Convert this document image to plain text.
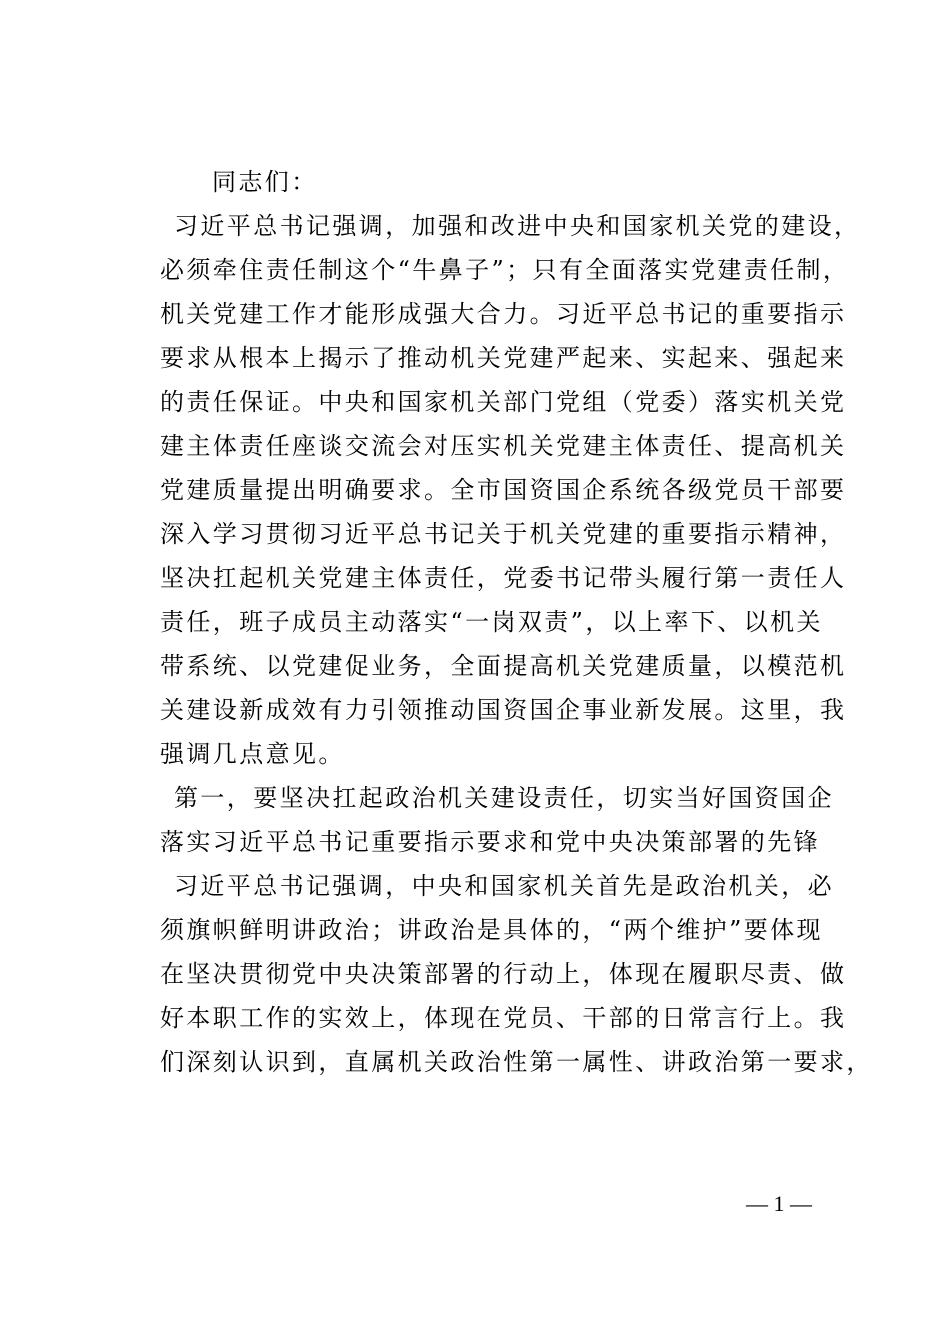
同志们：
习近平总书记强调，加强和改进中央和国家机关党的建设，
必须牵住责任制这个“牛鼻子”；只有全面落实党建责任制，
机关党建工作才能形成强大合力。习近平总书记的重要指示
要求从根本上揭示了推动机关党建严起来、实起来、强起来
的责任保证。中央和国家机关部门党组（党委）落实机关党
建主体责任座谈交流会对压实机关党建主体责任、提高机关
党建质量提出明确要求。全市国资国企系统各级党员干部要
深入学习贯彻习近平总书记关于机关党建的重要指示精神，
坚决扛起机关党建主体责任，党委书记带头履行第一责任人
责任，班子成员主动落实“一岗双责”，以上率下、以机关
带系统、以党建促业务，全面提高机关党建质量，以模范机
关建设新成效有力引领推动国资国企事业新发展。这里，我
强调几点意见。
第一，要坚决扛起政治机关建设责任，切实当好国资国企
落实习近平总书记重要指示要求和党中央决策部署的先锋
习近平总书记强调，中央和国家机关首先是政治机关，必
须旗帜鲜明讲政治；讲政治是具体的，“两个维护”要体现
在坚决贯彻党中央决策部署的行动上，体现在履职尽责、做
好本职工作的实效上，体现在党员、干部的日常言行上。我
们深刻认识到，直属机关政治性第一属性、讲政治第一要求，
— 1 —
